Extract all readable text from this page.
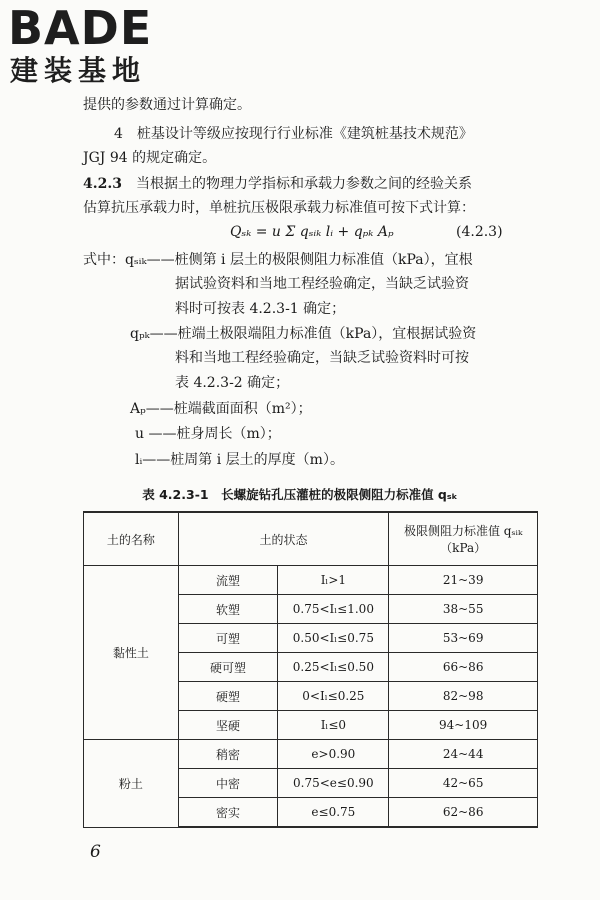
BADE
建装基地
提供的参数通过计算确定。
4　桩基设计等级应按现行行业标准《建筑桩基技术规范》
JGJ 94 的规定确定。
4.2.3　当根据土的物理力学指标和承载力参数之间的经验关系
估算抗压承载力时，单桩抗压极限承载力标准值可按下式计算：
Qₛₖ = u Σ qₛᵢₖ lᵢ + qₚₖ Aₚ	(4.2.3)
式中：qₛᵢₖ——桩侧第 i 层土的极限侧阻力标准值（kPa），宜根
据试验资料和当地工程经验确定，当缺乏试验资
料时可按表 4.2.3-1 确定；
qₚₖ——桩端土极限端阻力标准值（kPa），宜根据试验资
料和当地工程经验确定，当缺乏试验资料时可按
表 4.2.3-2 确定；
Aₚ——桩端截面面积（m²）；
u ——桩身周长（m）；
lᵢ——桩周第 i 层土的厚度（m）。
表 4.2.3-1　长螺旋钻孔压灌桩的极限侧阻力标准值 qₛₖ
土的名称	土的状态		极限侧阻力标准值 qₛᵢₖ
（kPa）
黏性土	流塑	Iₗ>1	21~39
	软塑	0.75<Iₗ≤1.00	38~55
	可塑	0.50<Iₗ≤0.75	53~69
	硬可塑	0.25<Iₗ≤0.50	66~86
	硬塑	0<Iₗ≤0.25	82~98
	坚硬	Iₗ≤0	94~109
粉土	稍密	e>0.90	24~44
	中密	0.75<e≤0.90	42~65
	密实	e≤0.75	62~86
6
